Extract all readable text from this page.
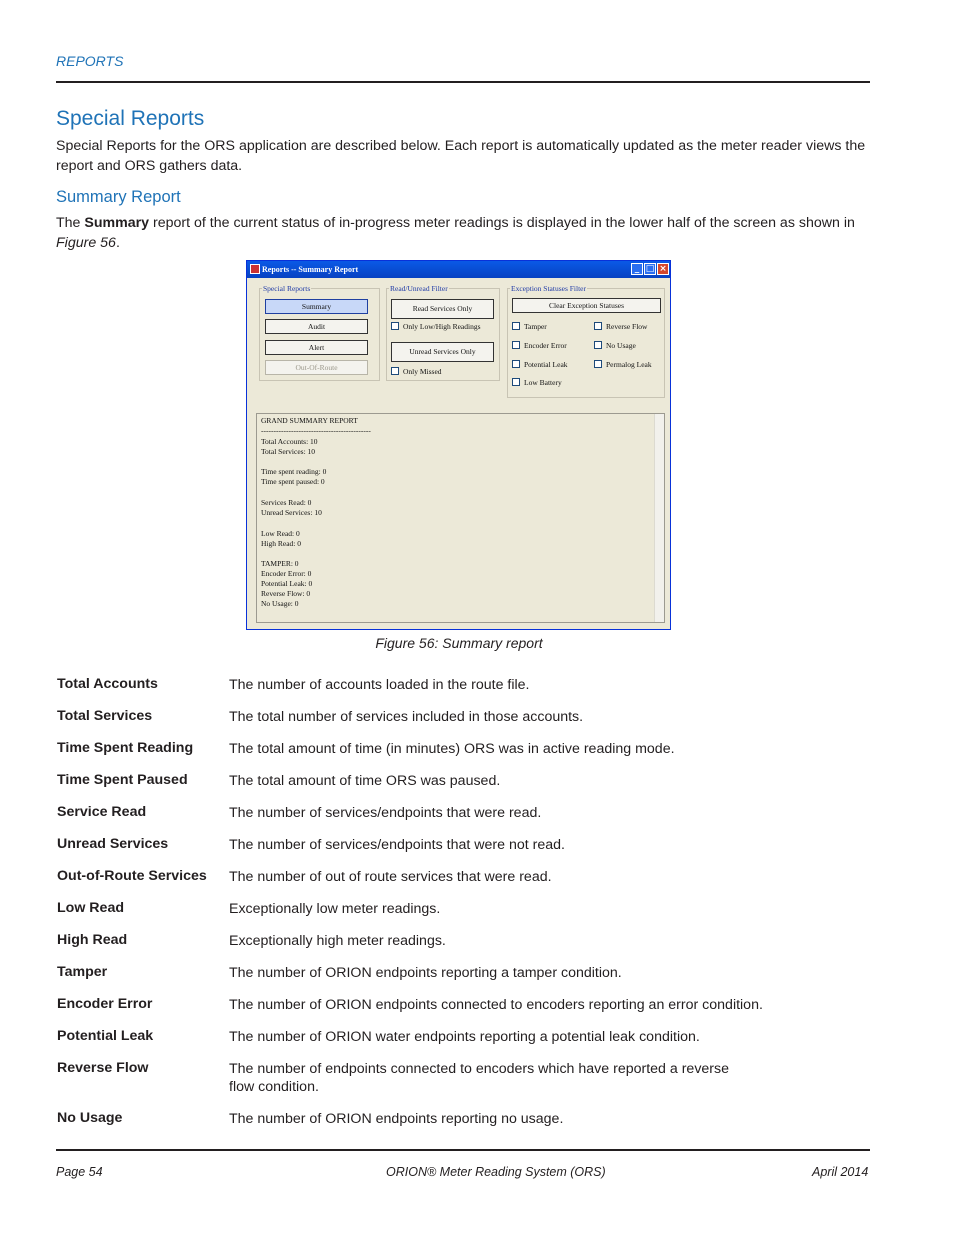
REPORTS
Special Reports
Special Reports for the ORS application are described below. Each report is automatically updated as the meter reader views the report and ORS gathers data.
Summary Report
The Summary report of the current status of in-progress meter readings is displayed in the lower half of the screen as shown in Figure 56.
Reports -- Summary Report	_ □ ×
Special Reports
Summary
Audit
Alert
Out-Of-Route
Read/Unread Filter
Read Services Only
Only Low/High Readings
Unread Services Only
Only Missed
Exception Statuses Filter
Clear Exception Statuses
Tamper	Reverse Flow
Encoder Error	No Usage
Potential Leak	Permalog Leak
Low Battery
GRAND SUMMARY REPORT
--------------------------------------------
Total Accounts: 10
Total Services: 10
Time spent reading: 0
Time spent paused: 0
Services Read: 0
Unread Services: 10
Low Read: 0
High Read: 0
TAMPER: 0
Encoder Error: 0
Potential Leak: 0
Reverse Flow: 0
No Usage: 0
Figure 56: Summary report
Total Accounts	The number of accounts loaded in the route file.
Total Services	The total number of services included in those accounts.
Time Spent Reading	The total amount of time (in minutes) ORS was in active reading mode.
Time Spent Paused	The total amount of time ORS was paused.
Service Read	The number of services/endpoints that were read.
Unread Services	The number of services/endpoints that were not read.
Out-of-Route Services The number of out of route services that were read.
Low Read	Exceptionally low meter readings.
High Read	Exceptionally high meter readings.
Tamper	The number of ORION endpoints reporting a tamper condition.
Encoder Error	The number of ORION endpoints connected to encoders reporting an error condition.
Potential Leak	The number of ORION water endpoints reporting a potential leak condition.
Reverse Flow	The number of endpoints connected to encoders which have reported a reverse flow condition.
No Usage	The number of ORION endpoints reporting no usage.
Page 54	ORION® Meter Reading System (ORS)	April 2014
